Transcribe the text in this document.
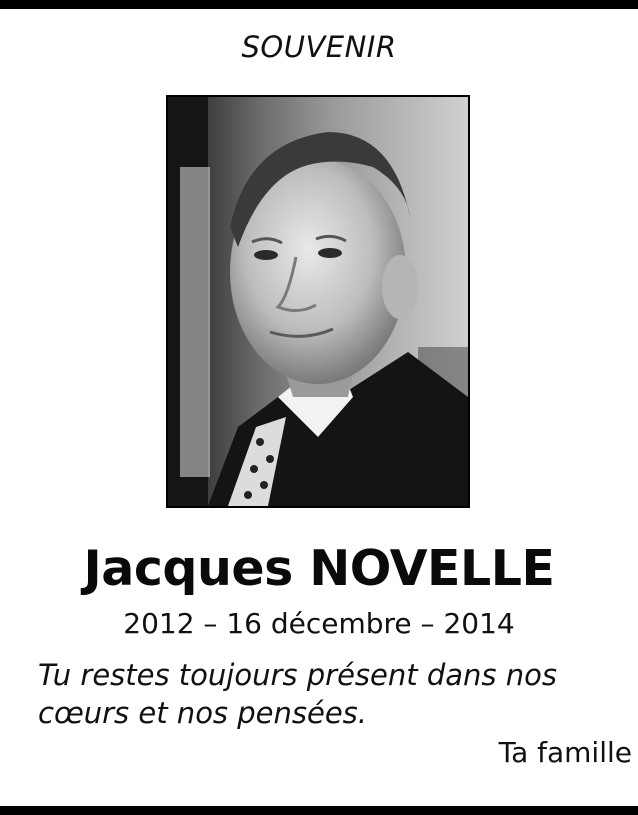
SOUVENIR
Jacques NOVELLE
2012 – 16 décembre – 2014
Tu restes toujours présent dans nos
cœurs et nos pensées.
Ta famille
